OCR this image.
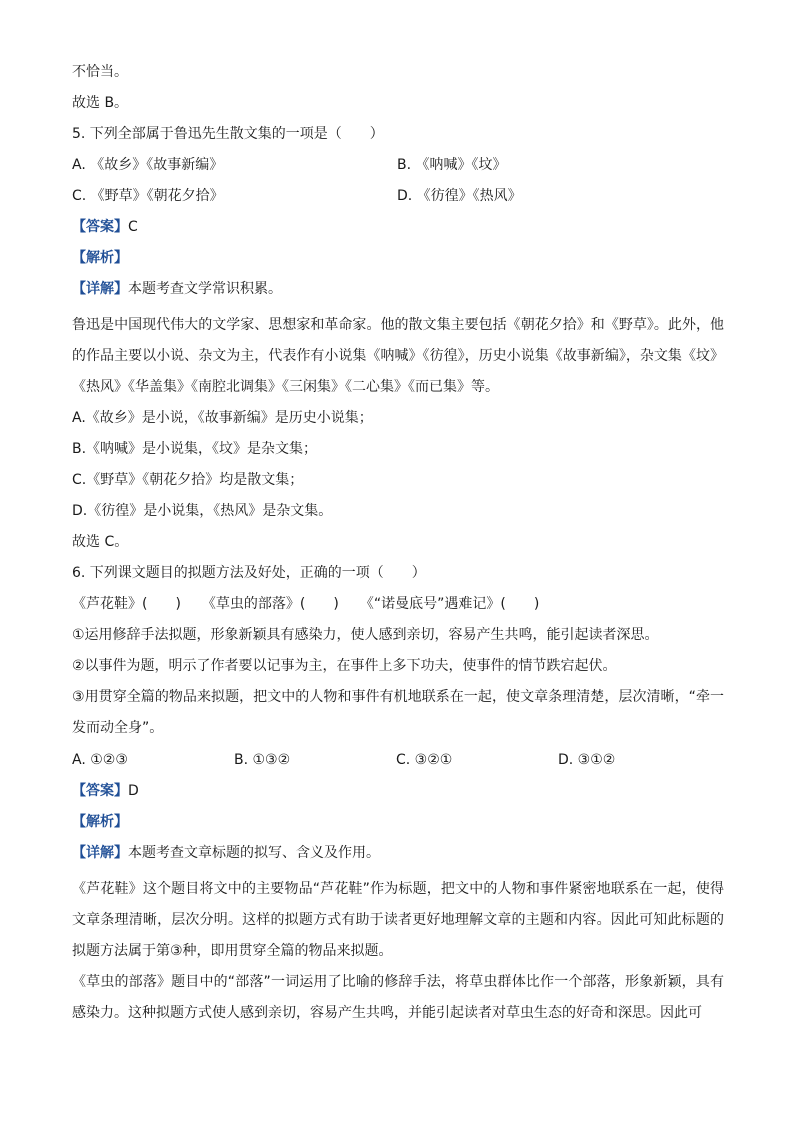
不恰当。
故选 B。
5. 下列全部属于鲁迅先生散文集的一项是（　　）
A. 《故乡》《故事新编》	B. 《呐喊》《坟》
C. 《野草》《朝花夕拾》	D. 《彷徨》《热风》
【答案】C
【解析】
【详解】本题考查文学常识积累。
鲁迅是中国现代伟大的文学家、思想家和革命家。他的散文集主要包括《朝花夕拾》和《野草》。此外，他的作品主要以小说、杂文为主，代表作有小说集《呐喊》《彷徨》，历史小说集《故事新编》，杂文集《坟》《热风》《华盖集》《南腔北调集》《三闲集》《二心集》《而已集》等。
A.《故乡》是小说，《故事新编》是历史小说集；
B.《呐喊》是小说集，《坟》是杂文集；
C.《野草》《朝花夕拾》均是散文集；
D.《彷徨》是小说集，《热风》是杂文集。
故选 C。
6. 下列课文题目的拟题方法及好处，正确的一项（　　）
《芦花鞋》(　　)　　《草虫的部落》(　　)　　《“诺曼底号”遇难记》(　　)
①运用修辞手法拟题，形象新颖具有感染力，使人感到亲切，容易产生共鸣，能引起读者深思。
②以事件为题，明示了作者要以记事为主，在事件上多下功夫，使事件的情节跌宕起伏。
③用贯穿全篇的物品来拟题，把文中的人物和事件有机地联系在一起，使文章条理清楚，层次清晰，“牵一发而动全身”。
A. ①②③	B. ①③②	C. ③②①	D. ③①②
【答案】D
【解析】
【详解】本题考查文章标题的拟写、含义及作用。
《芦花鞋》这个题目将文中的主要物品“芦花鞋”作为标题，把文中的人物和事件紧密地联系在一起，使得文章条理清晰，层次分明。这样的拟题方式有助于读者更好地理解文章的主题和内容。因此可知此标题的拟题方法属于第③种，即用贯穿全篇的物品来拟题。
《草虫的部落》题目中的“部落”一词运用了比喻的修辞手法，将草虫群体比作一个部落，形象新颖，具有感染力。这种拟题方式使人感到亲切，容易产生共鸣，并能引起读者对草虫生态的好奇和深思。因此可
